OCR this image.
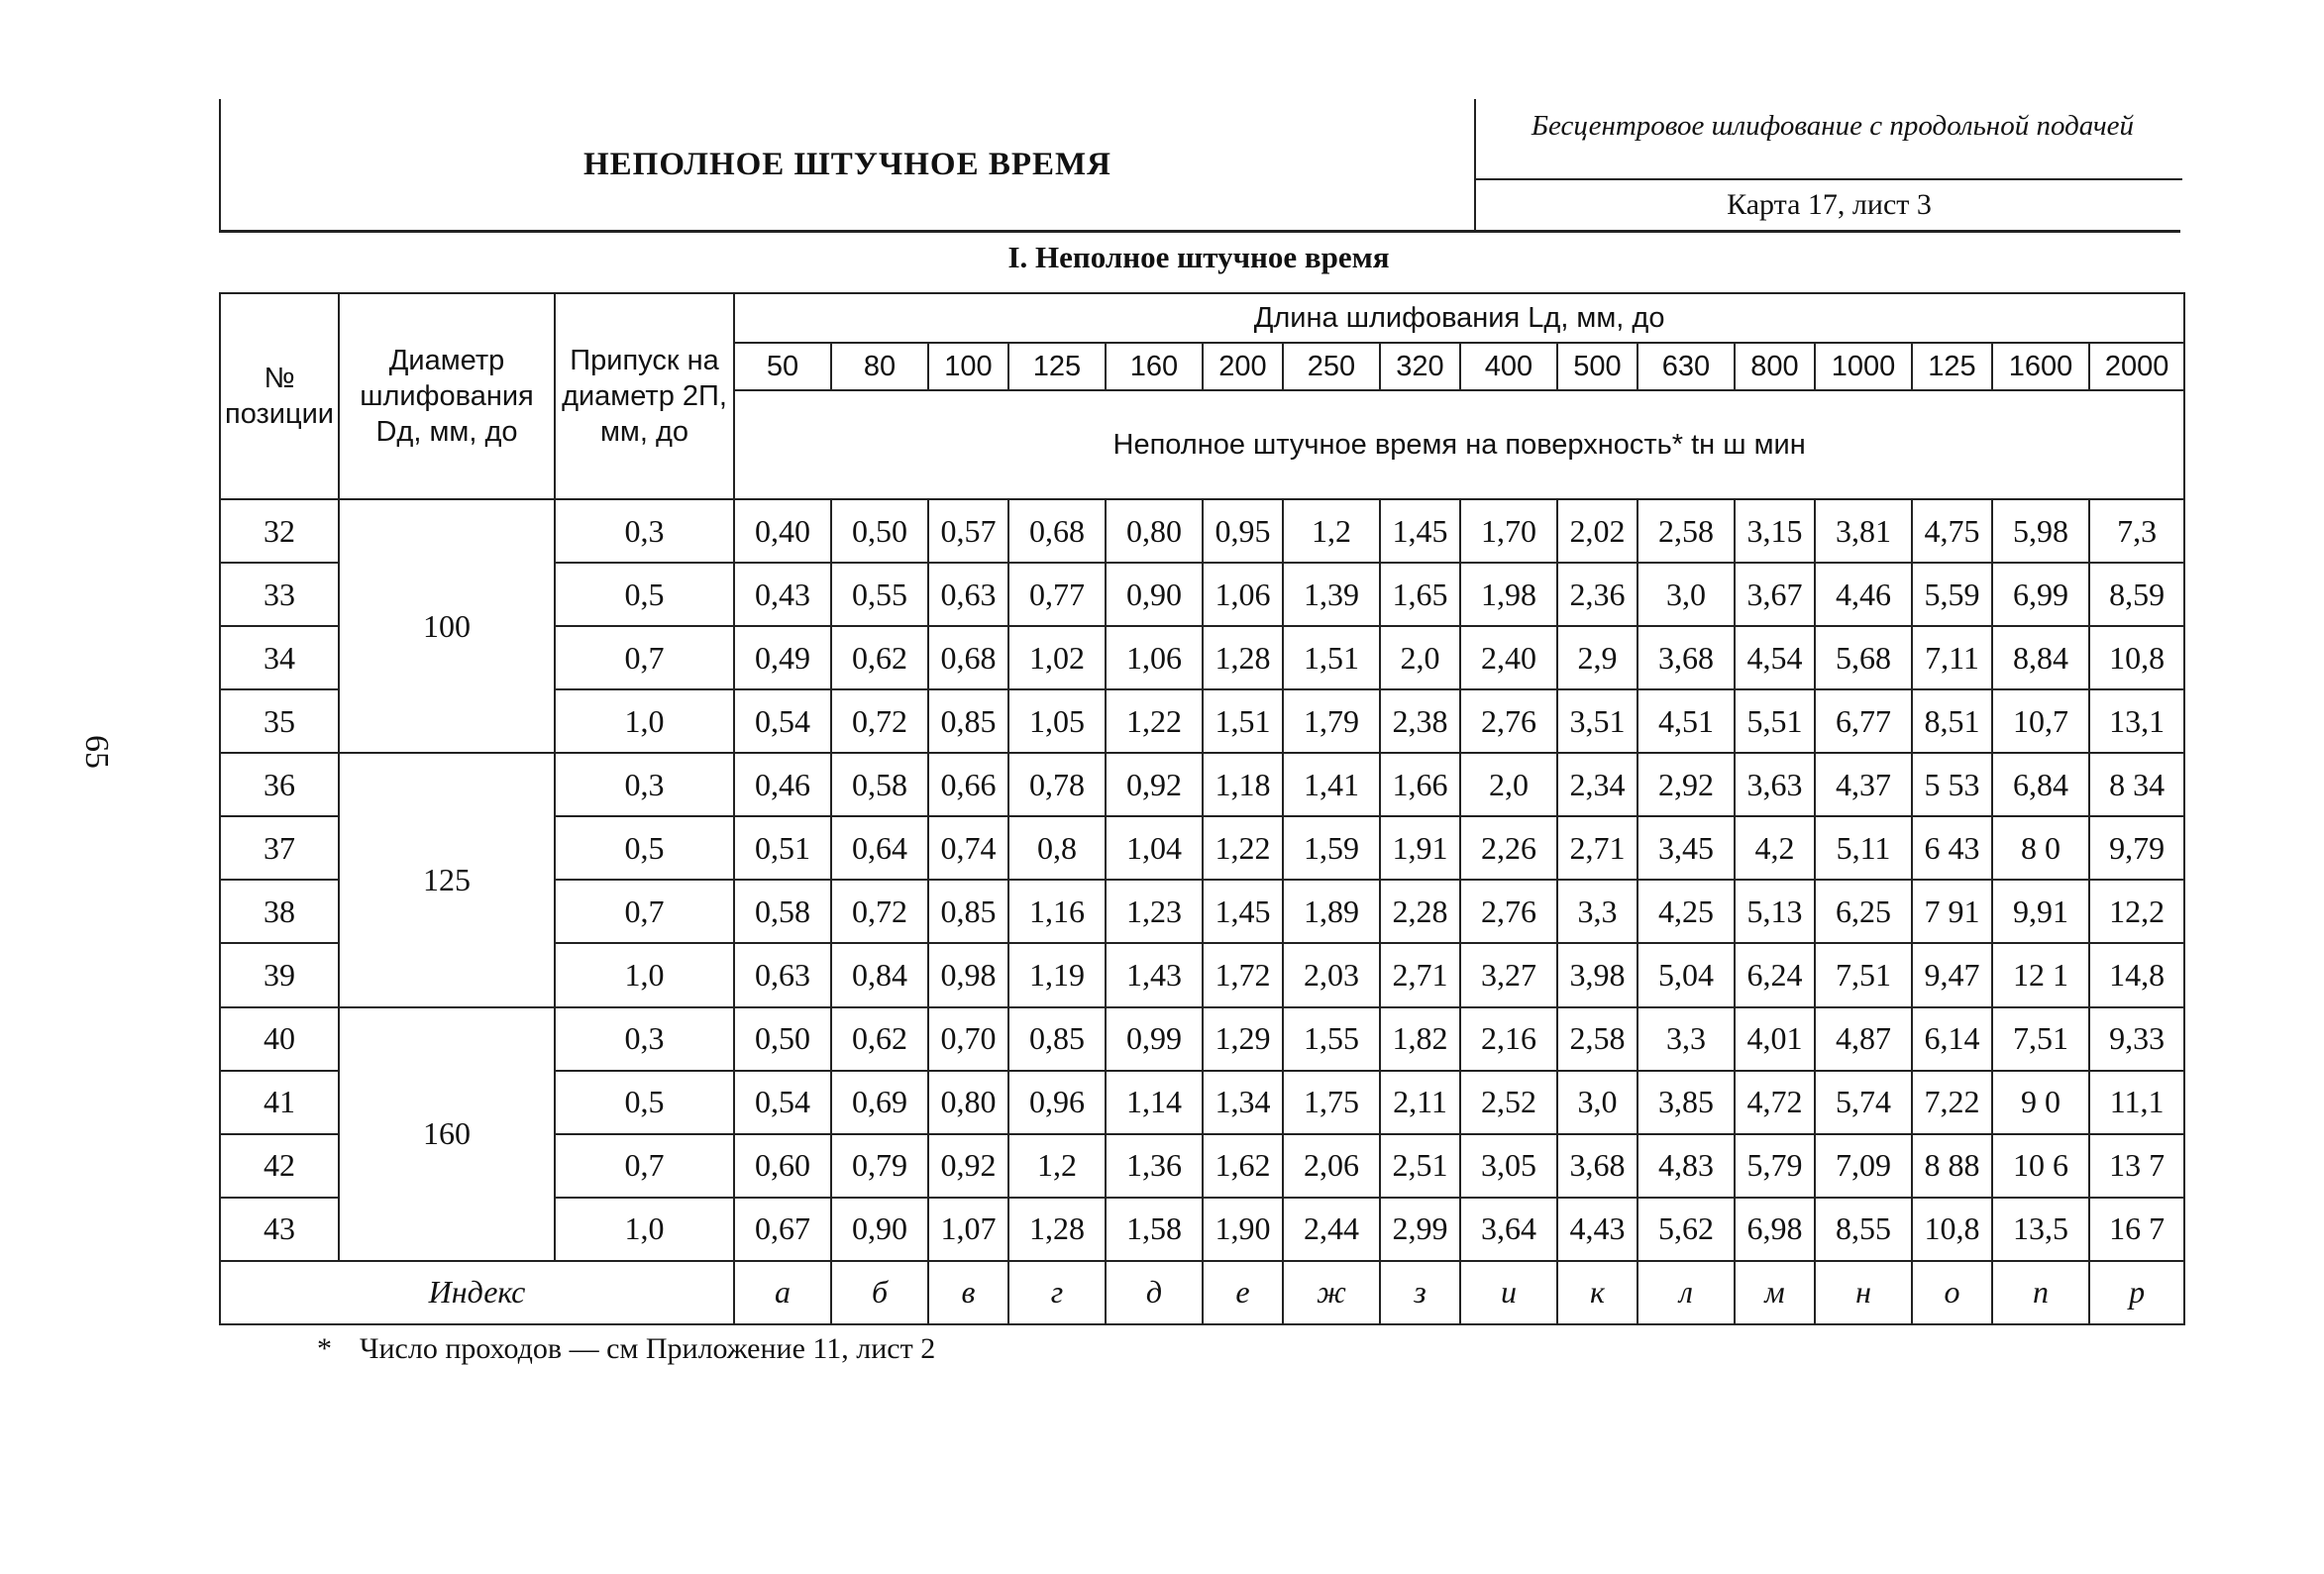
65
НЕПОЛНОЕ ШТУЧНОЕ ВРЕМЯ
Бесцентровое шлифование с продольной подачей
Карта 17, лист 3
I. Неполное штучное время
№ позиции	Диаметр шлифования Dд, мм, до	Припуск на диаметр 2П, мм, до	Длина шлифования Lд, мм, до															
			50	80	100	125	160	200	250	320	400	500	630	800	1000	125	1600	2000
			Неполное штучное время на поверхность* tн ш мин															
32	100	0,3	0,40	0,50	0,57	0,68	0,80	0,95	1,2	1,45	1,70	2,02	2,58	3,15	3,81	4,75	5,98	7,3
33		0,5	0,43	0,55	0,63	0,77	0,90	1,06	1,39	1,65	1,98	2,36	3,0	3,67	4,46	5,59	6,99	8,59
34		0,7	0,49	0,62	0,68	1,02	1,06	1,28	1,51	2,0	2,40	2,9	3,68	4,54	5,68	7,11	8,84	10,8
35		1,0	0,54	0,72	0,85	1,05	1,22	1,51	1,79	2,38	2,76	3,51	4,51	5,51	6,77	8,51	10,7	13,1
36	125	0,3	0,46	0,58	0,66	0,78	0,92	1,18	1,41	1,66	2,0	2,34	2,92	3,63	4,37	5 53	6,84	8 34
37		0,5	0,51	0,64	0,74	0,8	1,04	1,22	1,59	1,91	2,26	2,71	3,45	4,2	5,11	6 43	8 0	9,79
38		0,7	0,58	0,72	0,85	1,16	1,23	1,45	1,89	2,28	2,76	3,3	4,25	5,13	6,25	7 91	9,91	12,2
39		1,0	0,63	0,84	0,98	1,19	1,43	1,72	2,03	2,71	3,27	3,98	5,04	6,24	7,51	9,47	12 1	14,8
40	160	0,3	0,50	0,62	0,70	0,85	0,99	1,29	1,55	1,82	2,16	2,58	3,3	4,01	4,87	6,14	7,51	9,33
41		0,5	0,54	0,69	0,80	0,96	1,14	1,34	1,75	2,11	2,52	3,0	3,85	4,72	5,74	7,22	9 0	11,1
42		0,7	0,60	0,79	0,92	1,2	1,36	1,62	2,06	2,51	3,05	3,68	4,83	5,79	7,09	8 88	10 6	13 7
43		1,0	0,67	0,90	1,07	1,28	1,58	1,90	2,44	2,99	3,64	4,43	5,62	6,98	8,55	10,8	13,5	16 7
Индекс			а	б	в	г	д	е	ж	з	и	к	л	м	н	о	п	р
* Число проходов — см Приложение 11, лист 2
